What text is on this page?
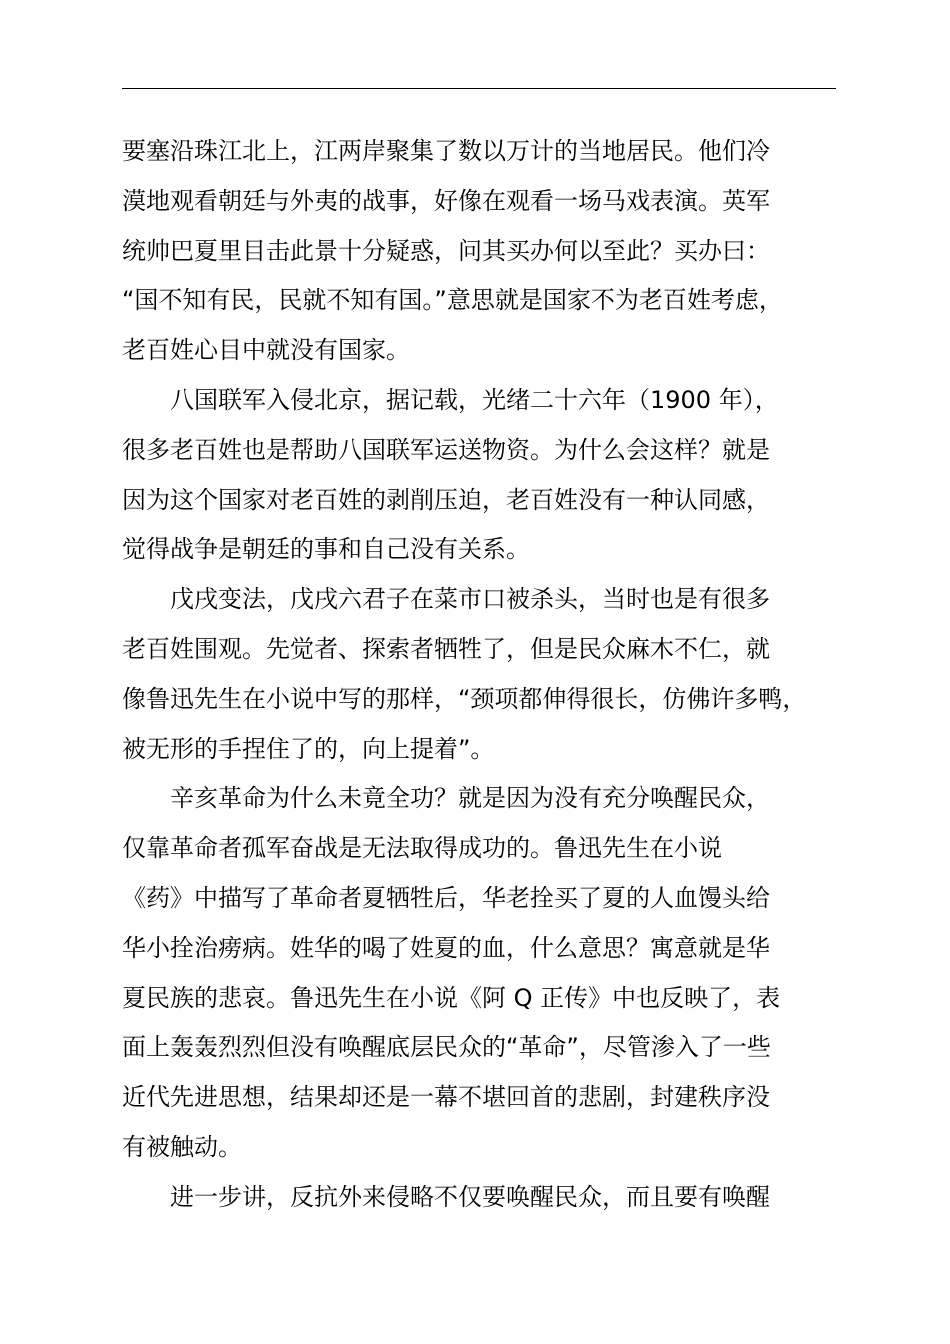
要塞沿珠江北上，江两岸聚集了数以万计的当地居民。他们冷
漠地观看朝廷与外夷的战事，好像在观看一场马戏表演。英军
统帅巴夏里目击此景十分疑惑，问其买办何以至此？买办曰：
“国不知有民，民就不知有国。”意思就是国家不为老百姓考虑，
老百姓心目中就没有国家。
八国联军入侵北京，据记载，光绪二十六年（1900 年），
很多老百姓也是帮助八国联军运送物资。为什么会这样？就是
因为这个国家对老百姓的剥削压迫，老百姓没有一种认同感，
觉得战争是朝廷的事和自己没有关系。
戊戌变法，戊戌六君子在菜市口被杀头，当时也是有很多
老百姓围观。先觉者、探索者牺牲了，但是民众麻木不仁，就
像鲁迅先生在小说中写的那样，“颈项都伸得很长，仿佛许多鸭，
被无形的手捏住了的，向上提着”。
辛亥革命为什么未竟全功？就是因为没有充分唤醒民众，
仅靠革命者孤军奋战是无法取得成功的。鲁迅先生在小说
《药》中描写了革命者夏牺牲后，华老拴买了夏的人血馒头给
华小拴治痨病。姓华的喝了姓夏的血，什么意思？寓意就是华
夏民族的悲哀。鲁迅先生在小说《阿 Q 正传》中也反映了，表
面上轰轰烈烈但没有唤醒底层民众的“革命”，尽管渗入了一些
近代先进思想，结果却还是一幕不堪回首的悲剧，封建秩序没
有被触动。
进一步讲，反抗外来侵略不仅要唤醒民众，而且要有唤醒
